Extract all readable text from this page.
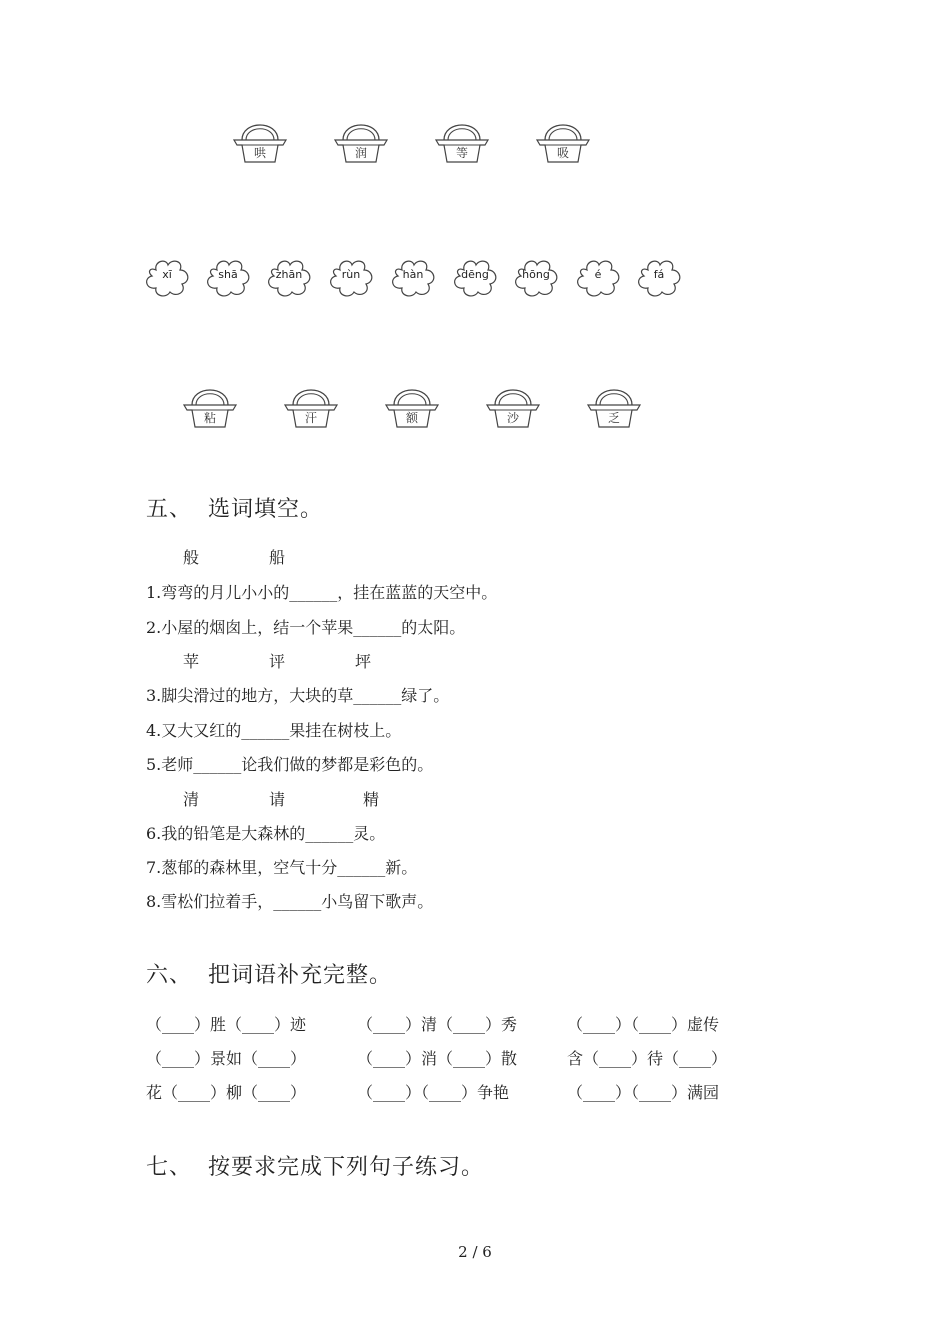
哄	润	等	吸
xī	shā	zhān	rùn	hàn	dēng	hōng	é	fá
粘	汗	额	沙	乏
五、 选词填空。
般	船
1.弯弯的月儿小小的______，挂在蓝蓝的天空中。
2.小屋的烟囱上，结一个苹果______的太阳。
苹	评	坪
3.脚尖滑过的地方，大块的草______绿了。
4.又大又红的______果挂在树枝上。
5.老师______论我们做的梦都是彩色的。
清	请	精
6.我的铅笔是大森林的______灵。
7.葱郁的森林里，空气十分______新。
8.雪松们拉着手，______小鸟留下歌声。
六、 把词语补充完整。
（____）胜（____）迹	（____）清（____）秀	（____）（____）虚传
（____）景如（____）	（____）消（____）散	含（____）待（____）
花（____）柳（____）	（____）（____）争艳	（____）（____）满园
七、 按要求完成下列句子练习。
2 / 6
